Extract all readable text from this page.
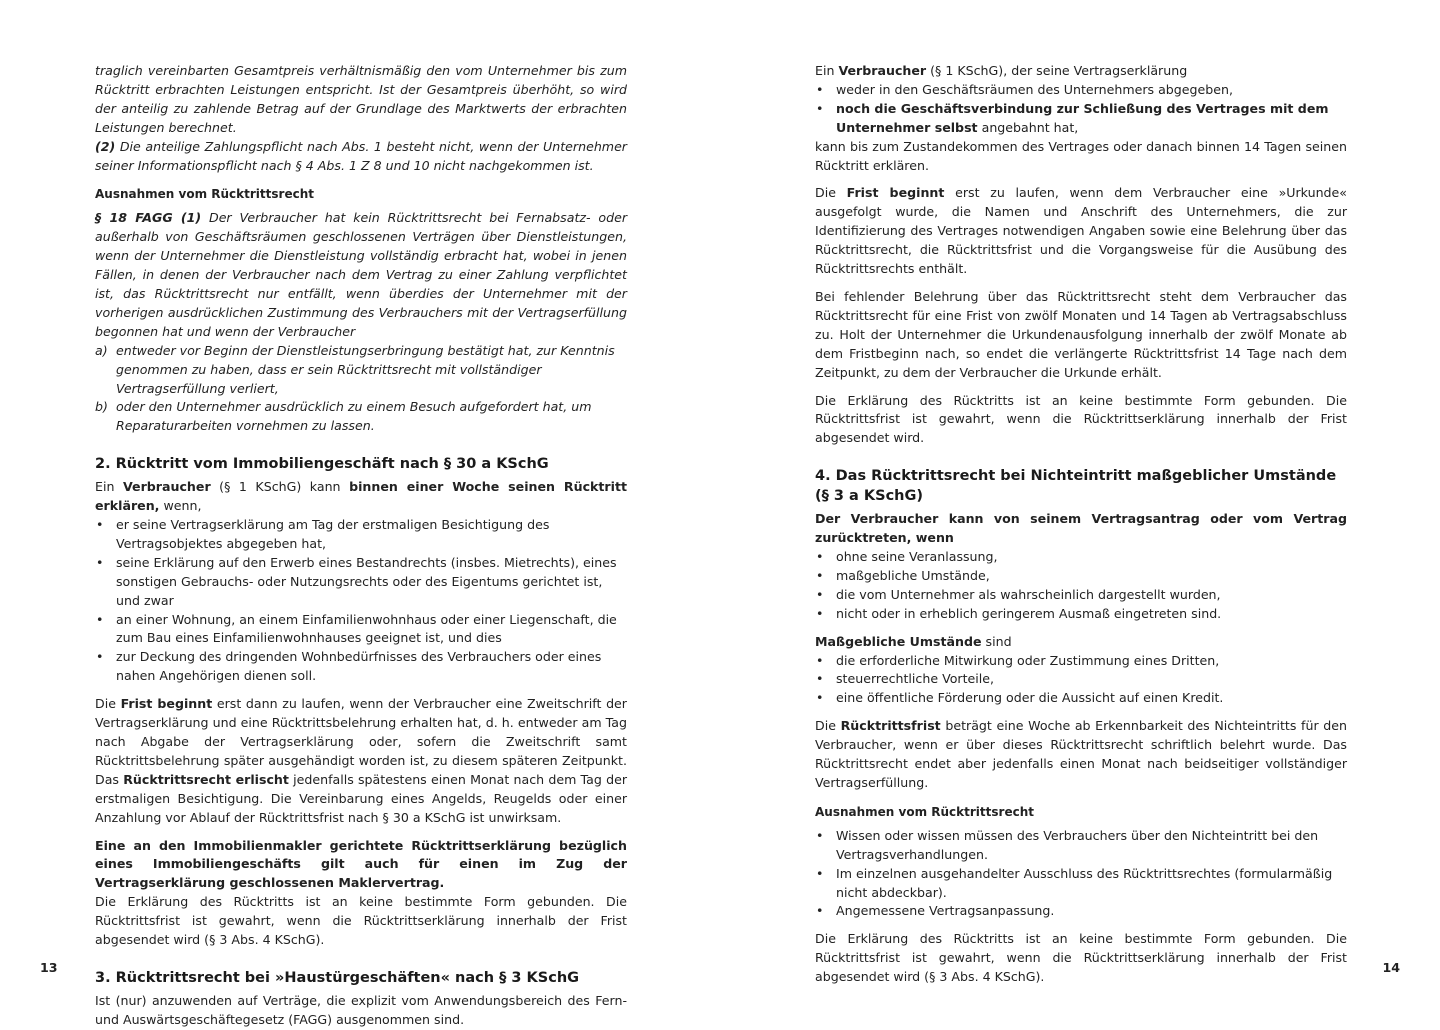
traglich vereinbarten Gesamtpreis verhältnismäßig den vom Unternehmer bis zum Rücktritt erbrachten Leistungen entspricht. Ist der Gesamtpreis überhöht, so wird der anteilig zu zahlende Betrag auf der Grundlage des Marktwerts der erbrachten Leistungen berechnet.
(2) Die anteilige Zahlungspflicht nach Abs. 1 besteht nicht, wenn der Unternehmer seiner Informationspflicht nach § 4 Abs. 1 Z 8 und 10 nicht nachgekommen ist.

Ausnahmen vom Rücktrittsrecht

§ 18 FAGG (1) Der Verbraucher hat kein Rücktrittsrecht bei Fernabsatz- oder außerhalb von Geschäftsräumen geschlossenen Verträgen über Dienstleistungen, wenn der Unternehmer die Dienstleistung vollständig erbracht hat, wobei in jenen Fällen, in denen der Verbraucher nach dem Vertrag zu einer Zahlung verpflichtet ist, das Rücktrittsrecht nur entfällt, wenn überdies der Unternehmer mit der vorherigen ausdrücklichen Zustimmung des Verbrauchers mit der Vertragserfüllung begonnen hat und wenn der Verbraucher

a) entweder vor Beginn der Dienstleistungserbringung bestätigt hat, zur Kenntnis genommen zu haben, dass er sein Rücktrittsrecht mit vollständiger Vertragserfüllung verliert,
b) oder den Unternehmer ausdrücklich zu einem Besuch aufgefordert hat, um Reparaturarbeiten vornehmen zu lassen.
2. Rücktritt vom Immobiliengeschäft nach § 30 a KSchG

Ein Verbraucher (§ 1 KSchG) kann binnen einer Woche seinen Rücktritt erklären, wenn,

• er seine Vertragserklärung am Tag der erstmaligen Besichtigung des Vertragsobjektes abgegeben hat,
• seine Erklärung auf den Erwerb eines Bestandrechts (insbes. Mietrechts), eines sonstigen Gebrauchs- oder Nutzungsrechts oder des Eigentums gerichtet ist, und zwar
• an einer Wohnung, an einem Einfamilienwohnhaus oder einer Liegenschaft, die zum Bau eines Einfamilienwohnhauses geeignet ist, und dies
• zur Deckung des dringenden Wohnbedürfnisses des Verbrauchers oder eines nahen Angehörigen dienen soll.

Die Frist beginnt erst dann zu laufen, wenn der Verbraucher eine Zweitschrift der Vertragserklärung und eine Rücktrittsbelehrung erhalten hat, d. h. entweder am Tag nach Abgabe der Vertragserklärung oder, sofern die Zweitschrift samt Rücktrittsbelehrung später ausgehändigt worden ist, zu diesem späteren Zeitpunkt. Das Rücktrittsrecht erlischt jedenfalls spätestens einen Monat nach dem Tag der erstmaligen Besichtigung. Die Vereinbarung eines Angelds, Reugelds oder einer Anzahlung vor Ablauf der Rücktrittsfrist nach § 30 a KSchG ist unwirksam.

Eine an den Immobilienmakler gerichtete Rücktrittserklärung bezüglich eines Immobiliengeschäfts gilt auch für einen im Zug der Vertragserklärung geschlossenen Maklervertrag.
Die Erklärung des Rücktritts ist an keine bestimmte Form gebunden. Die Rücktrittsfrist ist gewahrt, wenn die Rücktrittserklärung innerhalb der Frist abgesendet wird (§ 3 Abs. 4 KSchG).

3. Rücktrittsrecht bei »Haustürgeschäften« nach § 3 KSchG

Ist (nur) anzuwenden auf Verträge, die explizit vom Anwendungsbereich des Fern- und Auswärtsgeschäftegesetz (FAGG) ausgenommen sind.

Ein Verbraucher (§ 1 KSchG), der seine Vertragserklärung

• weder in den Geschäftsräumen des Unternehmers abgegeben,
• noch die Geschäftsverbindung zur Schließung des Vertrages mit dem Unternehmer selbst angebahnt hat,

kann bis zum Zustandekommen des Vertrages oder danach binnen 14 Tagen seinen Rücktritt erklären.

Die Frist beginnt erst zu laufen, wenn dem Verbraucher eine »Urkunde« ausgefolgt wurde, die Namen und Anschrift des Unternehmers, die zur Identifizierung des Vertrages notwendigen Angaben sowie eine Belehrung über das Rücktrittsrecht, die Rücktrittsfrist und die Vorgangsweise für die Ausübung des Rücktrittsrechts enthält.

Bei fehlender Belehrung über das Rücktrittsrecht steht dem Verbraucher das Rücktrittsrecht für eine Frist von zwölf Monaten und 14 Tagen ab Vertragsabschluss zu. Holt der Unternehmer die Urkundenausfolgung innerhalb der zwölf Monate ab dem Fristbeginn nach, so endet die verlängerte Rücktrittsfrist 14 Tage nach dem Zeitpunkt, zu dem der Verbraucher die Urkunde erhält.

Die Erklärung des Rücktritts ist an keine bestimmte Form gebunden. Die Rücktrittsfrist ist gewahrt, wenn die Rücktrittserklärung innerhalb der Frist abgesendet wird.

4. Das Rücktrittsrecht bei Nichteintritt maßgeblicher Umstände (§ 3 a KSchG)

Der Verbraucher kann von seinem Vertragsantrag oder vom Vertrag zurücktreten, wenn

• ohne seine Veranlassung,
• maßgebliche Umstände,
• die vom Unternehmer als wahrscheinlich dargestellt wurden,
• nicht oder in erheblich geringerem Ausmaß eingetreten sind.

Maßgebliche Umstände sind

• die erforderliche Mitwirkung oder Zustimmung eines Dritten,
• steuerrechtliche Vorteile,
• eine öffentliche Förderung oder die Aussicht auf einen Kredit.

Die Rücktrittsfrist beträgt eine Woche ab Erkennbarkeit des Nichteintritts für den Verbraucher, wenn er über dieses Rücktrittsrecht schriftlich belehrt wurde. Das Rücktrittsrecht endet aber jedenfalls einen Monat nach beidseitiger vollständiger Vertragserfüllung.

Ausnahmen vom Rücktrittsrecht

• Wissen oder wissen müssen des Verbrauchers über den Nichteintritt bei den Vertragsverhandlungen.
• Im einzelnen ausgehandelter Ausschluss des Rücktrittsrechtes (formularmäßig nicht abdeckbar).
• Angemessene Vertragsanpassung.

Die Erklärung des Rücktritts ist an keine bestimmte Form gebunden. Die Rücktrittsfrist ist gewahrt, wenn die Rücktrittserklärung innerhalb der Frist abgesendet wird (§ 3 Abs. 4 KSchG).

13	14
